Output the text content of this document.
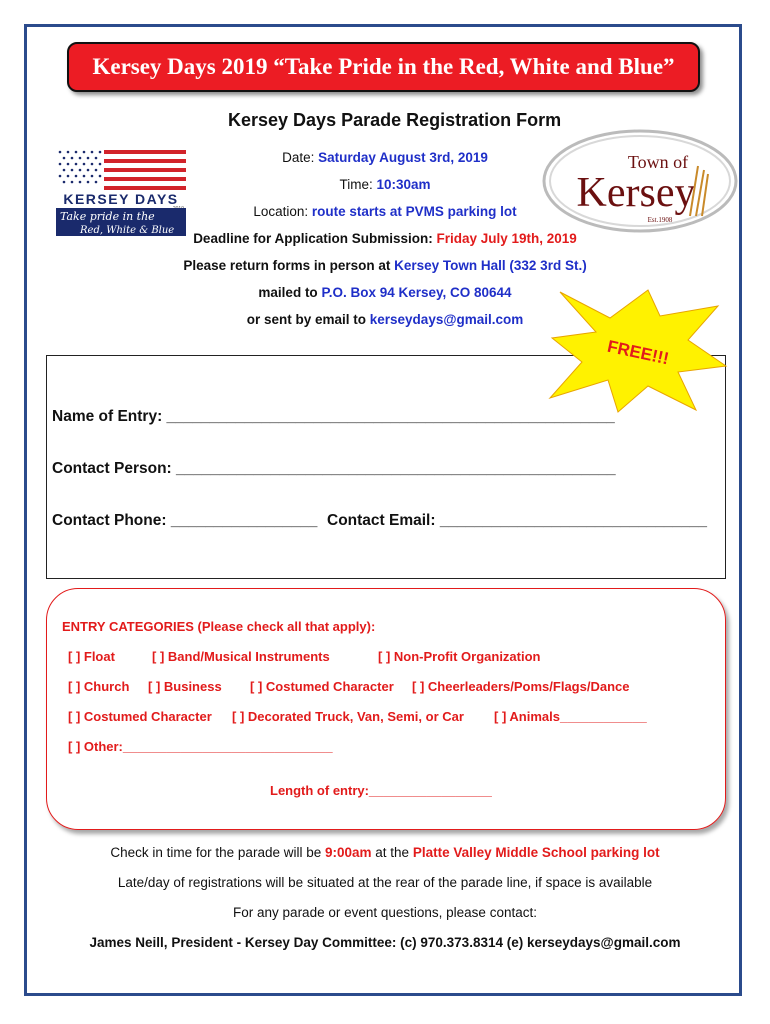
Kersey Days 2019 “Take Pride in the Red, White and Blue”
KERSEY DAYS
Take pride in the
Red, White & Blue
Town of
Kersey
Est.1908
Kersey Days Parade Registration Form
Date: Saturday August 3rd, 2019
Time: 10:30am
Location: route starts at PVMS parking lot
Deadline for Application Submission: Friday July 19th, 2019
Please return forms in person at Kersey Town Hall (332 3rd St.)
mailed to P.O. Box 94 Kersey, CO 80644
or sent by email to kerseydays@gmail.com
Name of Entry: ____________________________________________________
Contact Person: ___________________________________________________
Contact Phone: _________________ Contact Email: _______________________________
FREE!!!
ENTRY CATEGORIES (Please check all that apply):
[ ] Float	[ ] Band/Musical Instruments	[ ] Non-Profit Organization
[ ] Church [ ] Business [ ] Costumed Character [ ] Cheerleaders/Poms/Flags/Dance
[ ] Costumed Character [ ] Decorated Truck, Van, Semi, or Car [ ] Animals____________
[ ] Other:_____________________________
Length of entry:_________________
Check in time for the parade will be 9:00am at the Platte Valley Middle School parking lot
Late/day of registrations will be situated at the rear of the parade line, if space is available
For any parade or event questions, please contact:
James Neill, President - Kersey Day Committee: (c) 970.373.8314 (e) kerseydays@gmail.com
